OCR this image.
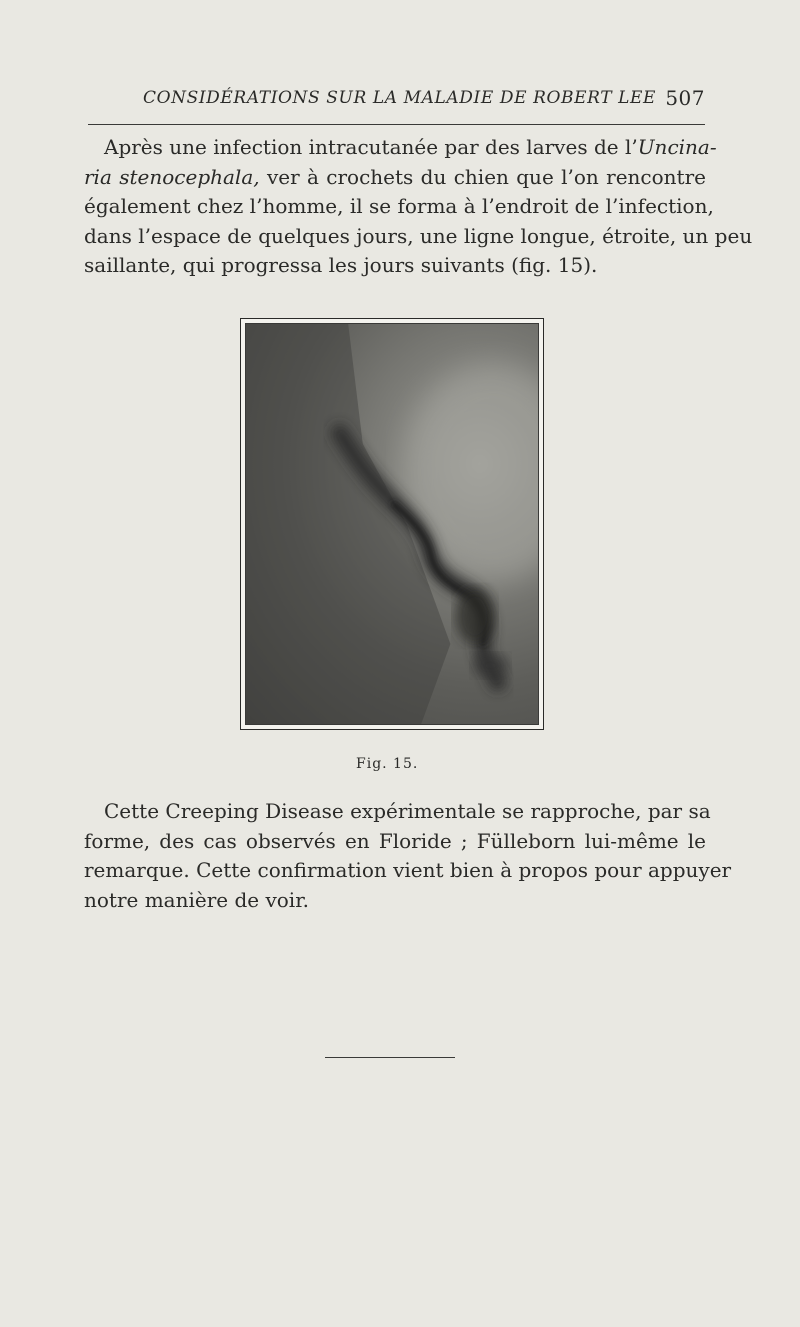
CONSIDÉRATIONS SUR LA MALADIE DE ROBERT LEE 507
Après une infection intracutanée par des larves de l’Uncina-
ria stenocephala, ver à crochets du chien que l’on rencontre
également chez l’homme, il se forma à l’endroit de l’infection,
dans l’espace de quelques jours, une ligne longue, étroite, un peu
saillante, qui progressa les jours suivants (fig. 15).
Fig. 15.
Cette Creeping Disease expérimentale se rapproche, par sa
forme, des cas observés en Floride ; Fülleborn lui-même le
remarque. Cette confirmation vient bien à propos pour appuyer
notre manière de voir.
